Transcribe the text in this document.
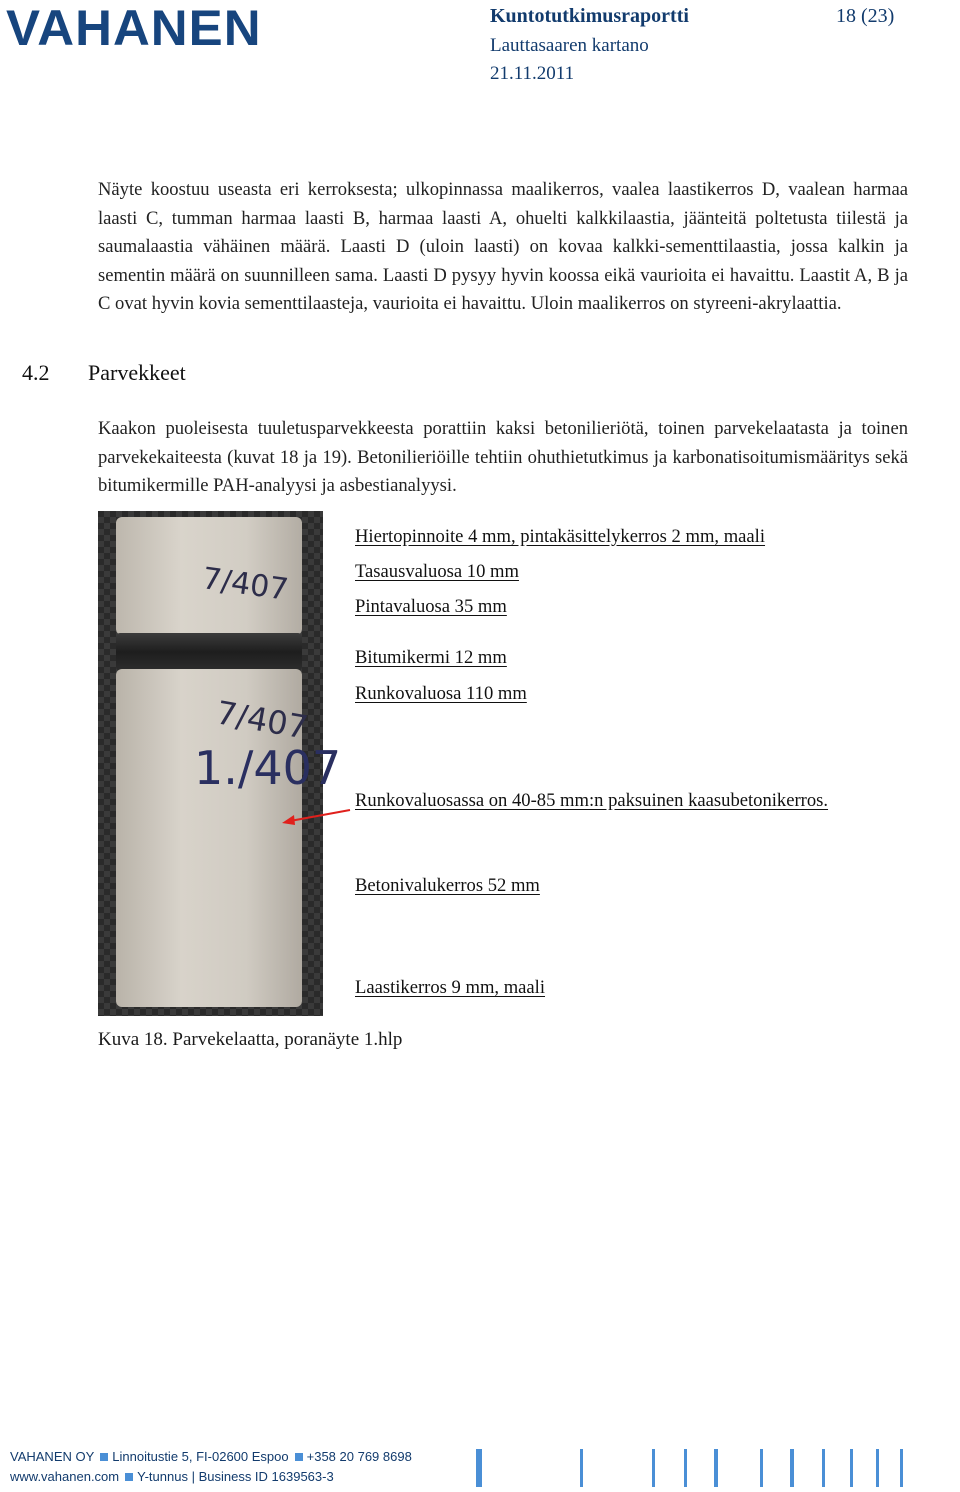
VAHANEN	Kuntotutkimusraportti	18 (23)
Lauttasaaren kartano
21.11.2011
Näyte koostuu useasta eri kerroksesta; ulkopinnassa maalikerros, vaalea laastikerros D, vaalean harmaa laasti C, tumman harmaa laasti B, harmaa laasti A, ohuelti kalkkilaastia, jäänteitä poltetusta tiilestä ja saumalaastia vähäinen määrä. Laasti D (uloin laasti) on kovaa kalkki-sementtilaastia, jossa kalkin ja sementin määrä on suunnilleen sama. Laasti D pysyy hyvin koossa eikä vaurioita ei havaittu. Laastit A, B ja C ovat hyvin kovia sementtilaasteja, vaurioita ei havaittu. Uloin maalikerros on styreeni-akrylaattia.
4.2 Parvekkeet
Kaakon puoleisesta tuuletusparvekkeesta porattiin kaksi betonilieriötä, toinen parvekelaatasta ja toinen parvekekaiteesta (kuvat 18 ja 19). Betonilieriöille tehtiin ohuthietutkimus ja karbonatisoitumismääritys sekä bitumikermille PAH-analyysi ja asbestianalyysi.
7/407
7/407
1./407
Hiertopinnoite 4 mm, pintakäsittelykerros 2 mm, maali
Tasausvaluosa 10 mm
Pintavaluosa 35 mm
Bitumikermi 12 mm
Runkovaluosa 110 mm
Runkovaluosassa on 40-85 mm:n paksuinen kaasubetonikerros.
Betonivalukerros 52 mm
Laastikerros 9 mm, maali
Kuva 18. Parvekelaatta, poranäyte 1.hlp
VAHANEN OY Linnoitustie 5, FI-02600 Espoo +358 20 769 8698
www.vahanen.com Y-tunnus | Business ID 1639563-3
